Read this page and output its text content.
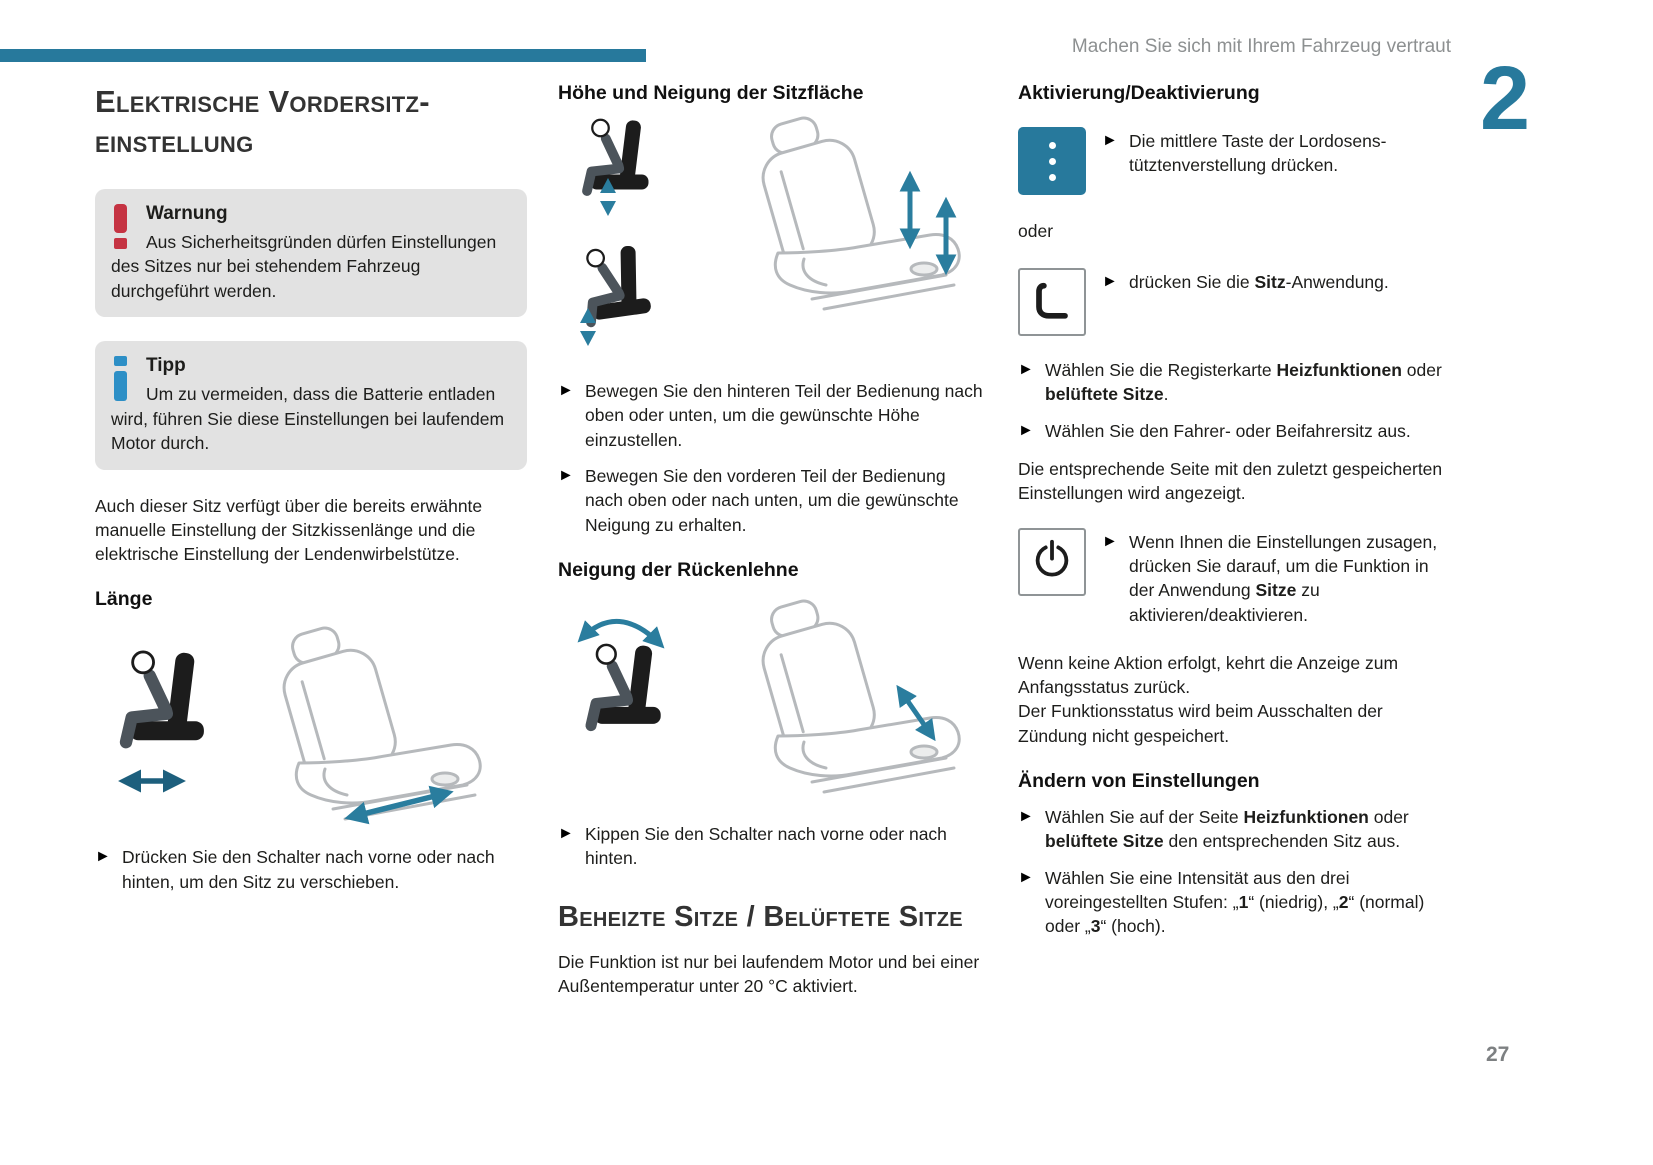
Machen Sie sich mit Ihrem Fahrzeug vertraut
2
27
Elektrische Vordersitz-einstellung
Warnung
Aus Sicherheitsgründen dürfen Einstellungen des Sitzes nur bei stehendem Fahrzeug durchgeführt werden.
Tipp
Um zu vermeiden, dass die Batterie entladen wird, führen Sie diese Einstellungen bei laufendem Motor durch.

Auch dieser Sitz verfügt über die bereits erwähnte manuelle Einstellung der Sitzkissenlänge und die elektrische Einstellung der Lendenwirbelstütze.

Länge
► Drücken Sie den Schalter nach vorne oder nach hinten, um den Sitz zu verschieben.
Höhe und Neigung der Sitzfläche
► Bewegen Sie den hinteren Teil der Bedienung nach oben oder unten, um die gewünschte Höhe einzustellen.
► Bewegen Sie den vorderen Teil der Bedienung nach oben oder nach unten, um die gewünschte Neigung zu erhalten.
Neigung der Rückenlehne
► Kippen Sie den Schalter nach vorne oder nach hinten.
Beheizte Sitze / Belüftete Sitze

Die Funktion ist nur bei laufendem Motor und bei einer Außentemperatur unter 20 °C aktiviert.

Aktivierung/Deaktivierung
► Die mittlere Taste der Lordosens-tütztenverstellung drücken.

oder

► drücken Sie die Sitz-Anwendung.
► Wählen Sie die Registerkarte Heizfunktionen oder belüftete Sitze.
► Wählen Sie den Fahrer- oder Beifahrersitz aus.

Die entsprechende Seite mit den zuletzt gespeicherten Einstellungen wird angezeigt.

► Wenn Ihnen die Einstellungen zusagen, drücken Sie darauf, um die Funktion in der Anwendung Sitze zu aktivieren/deaktivieren.

Wenn keine Aktion erfolgt, kehrt die Anzeige zum Anfangsstatus zurück.
Der Funktionsstatus wird beim Ausschalten der Zündung nicht gespeichert.

Ändern von Einstellungen
► Wählen Sie auf der Seite Heizfunktionen oder belüftete Sitze den entsprechenden Sitz aus.
► Wählen Sie eine Intensität aus den drei voreingestellten Stufen: „1“ (niedrig), „2“ (normal) oder „3“ (hoch).
